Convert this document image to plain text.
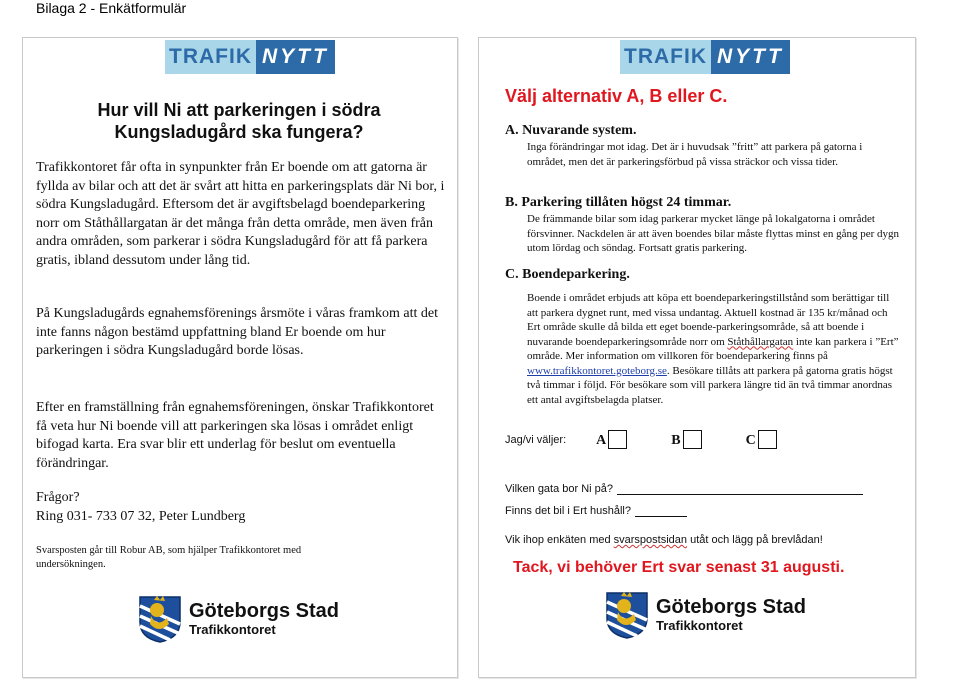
Bilaga 2 - Enkätformulär
TRAFIK NYTT
Hur vill Ni att parkeringen i södra Kungsladugård ska fungera?
Trafikkontoret får ofta in synpunkter från Er boende om att gatorna är fyllda av bilar och att det är svårt att hitta en parkeringsplats där Ni bor, i södra Kungsladugård. Eftersom det är avgiftsbelagd boendeparkering norr om Ståthållargatan är det många från detta område, men även från andra områden, som parkerar i södra Kungsladugård för att få parkera gratis, ibland dessutom under lång tid.
På Kungsladugårds egnahemsförenings årsmöte i våras framkom att det inte fanns någon bestämd uppfattning bland Er boende om hur parkeringen i södra Kungsladugård borde lösas.
Efter en framställning från egnahemsföreningen, önskar Trafikkontoret få veta hur Ni boende vill att parkeringen ska lösas i området enligt bifogad karta. Era svar blir ett underlag för beslut om eventuella förändringar.
Frågor?
Ring 031- 733 07 32, Peter Lundberg
Svarsposten går till Robur AB, som hjälper Trafikkontoret med undersökningen.
Göteborgs Stad
Trafikkontoret
TRAFIK NYTT
Välj alternativ A, B eller C.
A. Nuvarande system.
Inga förändringar mot idag. Det är i huvudsak ”fritt” att parkera på gatorna i området, men det är parkeringsförbud på vissa sträckor och vissa tider.
B. Parkering tillåten högst 24 timmar.
De främmande bilar som idag parkerar mycket länge på lokalgatorna i området försvinner. Nackdelen är att även boendes bilar måste flyttas minst en gång per dygn utom lördag och söndag. Fortsatt gratis parkering.
C. Boendeparkering.
Boende i området erbjuds att köpa ett boendeparkeringstillstånd som berättigar till att parkera dygnet runt, med vissa undantag. Aktuell kostnad är 135 kr/månad och Ert område skulle då bilda ett eget boende-parkeringsområde, så att boende i nuvarande boendeparkeringsområde norr om Ståthållargatan inte kan parkera i ”Ert” område. Mer information om villkoren för boendeparkering finns på www.trafikkontoret.goteborg.se. Besökare tillåts att parkera på gatorna gratis högst två timmar i följd. För besökare som vill parkera längre tid än två timmar anordnas ett antal avgiftsbelagda platser.
Jag/vi väljer: A	B	C
Vilken gata bor Ni på?
Finns det bil i Ert hushåll?
Vik ihop enkäten med svarspostsidan utåt och lägg på brevlådan!
Tack, vi behöver Ert svar senast 31 augusti.
Göteborgs Stad
Trafikkontoret
